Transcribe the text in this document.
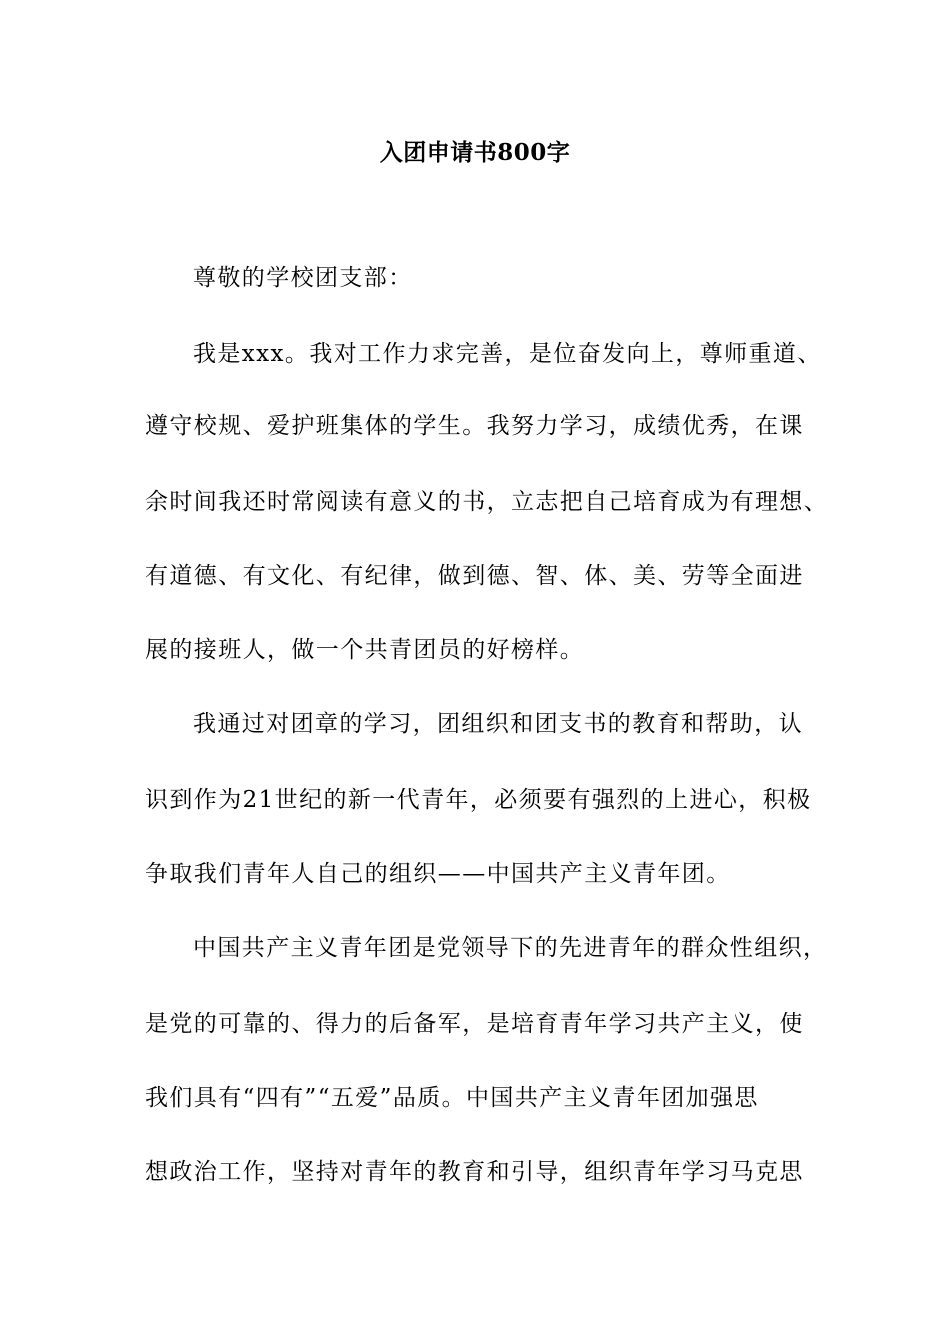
入团申请书800字
尊敬的学校团支部：
我是xxx。我对工作力求完善，是位奋发向上，尊师重道、
遵守校规、爱护班集体的学生。我努力学习，成绩优秀，在课
余时间我还时常阅读有意义的书，立志把自己培育成为有理想、
有道德、有文化、有纪律，做到德、智、体、美、劳等全面进
展的接班人，做一个共青团员的好榜样。
我通过对团章的学习，团组织和团支书的教育和帮助，认
识到作为21世纪的新一代青年，必须要有强烈的上进心，积极
争取我们青年人自己的组织——中国共产主义青年团。
中国共产主义青年团是党领导下的先进青年的群众性组织，
是党的可靠的、得力的后备军，是培育青年学习共产主义，使
我们具有“四有”“五爱”品质。中国共产主义青年团加强思
想政治工作，坚持对青年的教育和引导，组织青年学习马克思
